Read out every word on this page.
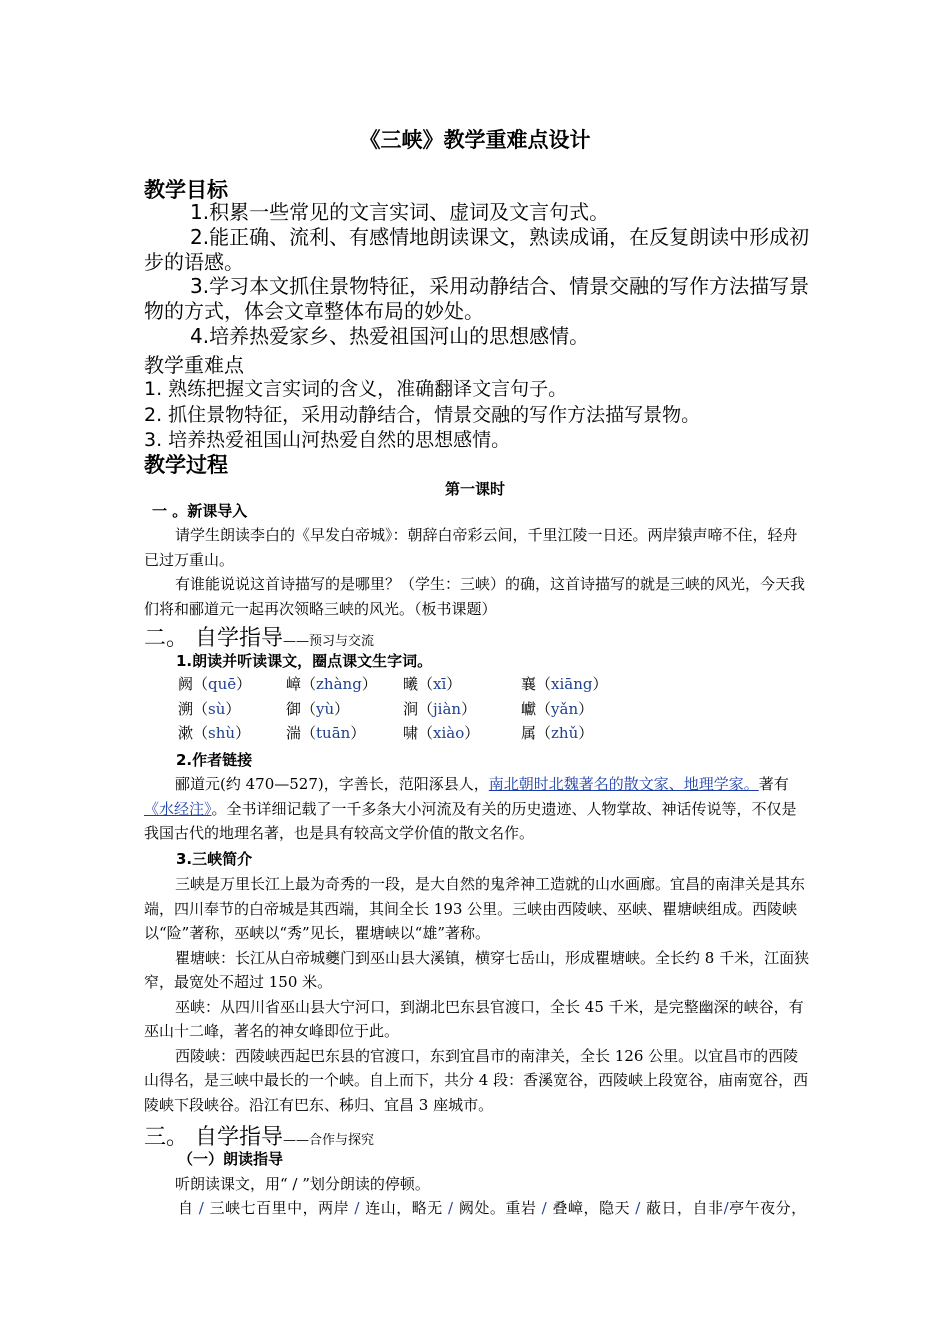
《三峡》教学重难点设计
教学目标
1.积累一些常见的文言实词、虚词及文言句式。
2.能正确、流利、有感情地朗读课文，熟读成诵，在反复朗读中形成初步的语感。
3.学习本文抓住景物特征，采用动静结合、情景交融的写作方法描写景物的方式，体会文章整体布局的妙处。
4.培养热爱家乡、热爱祖国河山的思想感情。
教学重难点
1. 熟练把握文言实词的含义，准确翻译文言句子。
2. 抓住景物特征，采用动静结合，情景交融的写作方法描写景物。
3. 培养热爱祖国山河热爱自然的思想感情。
教学过程
第一课时
一 。新课导入

请学生朗读李白的《早发白帝城》：朝辞白帝彩云间，千里江陵一日还。两岸猿声啼不住，轻舟已过万重山。

有谁能说说这首诗描写的是哪里？（学生：三峡）的确，这首诗描写的就是三峡的风光，今天我们将和郦道元一起再次领略三峡的风光。（板书课题）

二。 自学指导——预习与交流
1.朗读并听读课文，圈点课文生字词。
阙（quē） 嶂（zhàng） 曦（xī）	襄（xiāng）
溯（sù）	御（yù）	涧（jiàn）	巘（yǎn）
漱（shù） 湍（tuān）	啸（xiào）	属（zhǔ）
2.作者链接

郦道元(约 470—527)，字善长，范阳涿县人，南北朝时北魏著名的散文家、地理学家。著有《水经注》。全书详细记载了一千多条大小河流及有关的历史遗迹、人物掌故、神话传说等，不仅是我国古代的地理名著，也是具有较高文学价值的散文名作。

3.三峡简介

三峡是万里长江上最为奇秀的一段，是大自然的鬼斧神工造就的山水画廊。宜昌的南津关是其东端，四川奉节的白帝城是其西端，其间全长 193 公里。三峡由西陵峡、巫峡、瞿塘峡组成。西陵峡以“险”著称，巫峡以“秀”见长，瞿塘峡以“雄”著称。

瞿塘峡：长江从白帝城夔门到巫山县大溪镇，横穿七岳山，形成瞿塘峡。全长约 8 千米，江面狭窄，最宽处不超过 150 米。

巫峡：从四川省巫山县大宁河口，到湖北巴东县官渡口，全长 45 千米，是完整幽深的峡谷，有巫山十二峰，著名的神女峰即位于此。

西陵峡：西陵峡西起巴东县的官渡口，东到宜昌市的南津关，全长 126 公里。以宜昌市的西陵山得名，是三峡中最长的一个峡。自上而下，共分 4 段：香溪宽谷，西陵峡上段宽谷，庙南宽谷，西陵峡下段峡谷。沿江有巴东、秭归、宜昌 3 座城市。

三。 自学指导——合作与探究
（一）朗读指导

听朗读课文，用“ / ”划分朗读的停顿。

自 / 三峡七百里中，两岸 / 连山，略无 / 阙处。重岩 / 叠嶂，隐天 / 蔽日，自非/亭午夜分，
